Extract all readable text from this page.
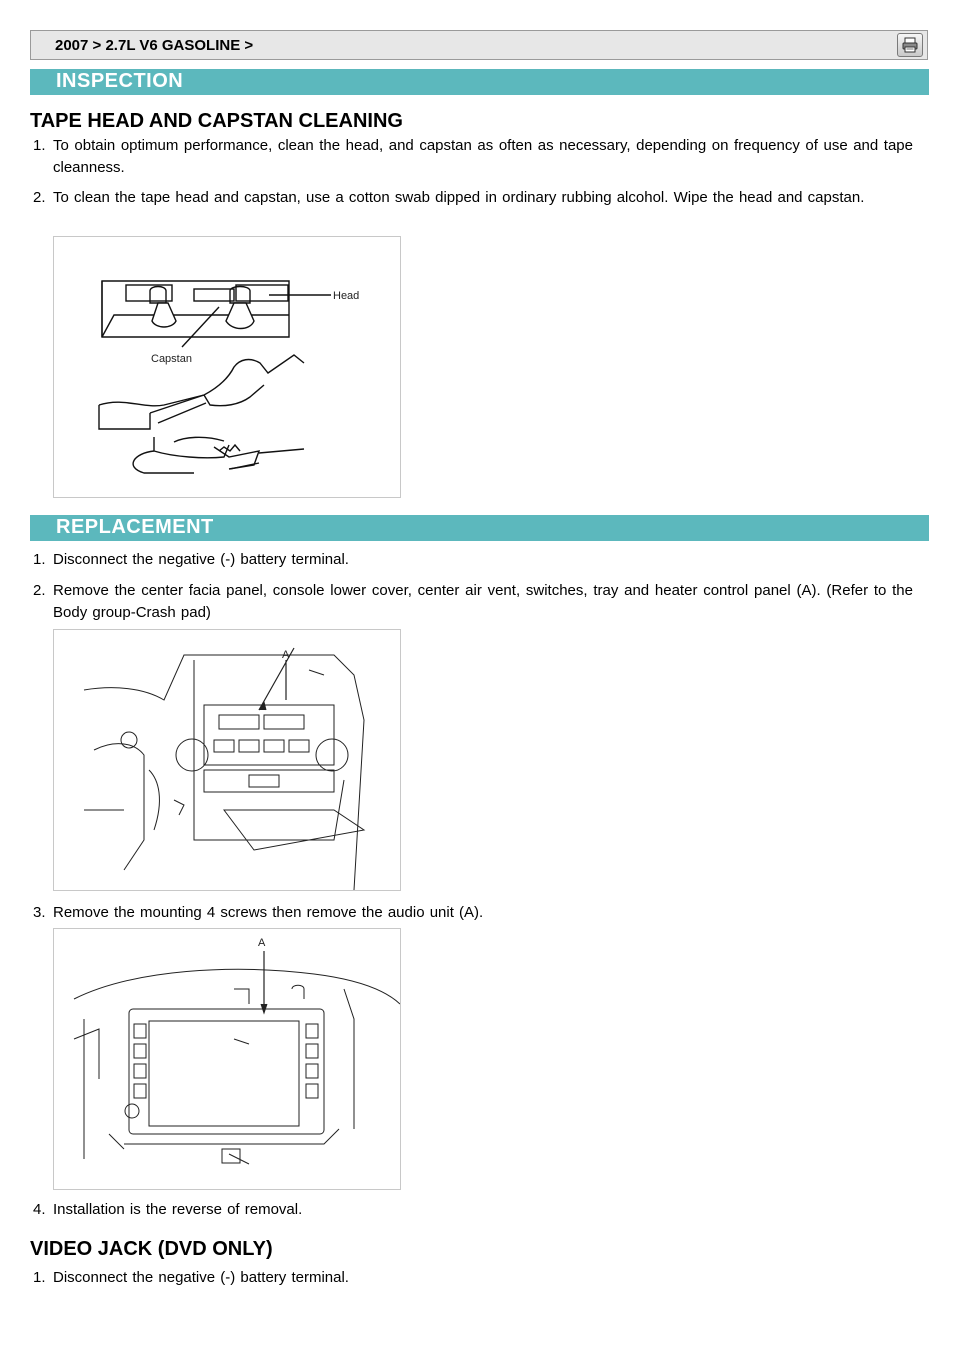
2007 > 2.7L V6 GASOLINE >
INSPECTION
TAPE HEAD AND CAPSTAN CLEANING
1. To obtain optimum performance, clean the head, and capstan as often as necessary, depending on frequency of use and tape cleanness.
2. To clean the tape head and capstan, use a cotton swab dipped in ordinary rubbing alcohol. Wipe the head and capstan.
Head
Capstan
REPLACEMENT
1. Disconnect the negative (-) battery terminal.
2. Remove the center facia panel, console lower cover, center air vent, switches, tray and heater control panel (A). (Refer to the Body group-Crash pad)
A
3. Remove the mounting 4 screws then remove the audio unit (A).
A
4. Installation is the reverse of removal.
VIDEO JACK (DVD ONLY)
1. Disconnect the negative (-) battery terminal.
